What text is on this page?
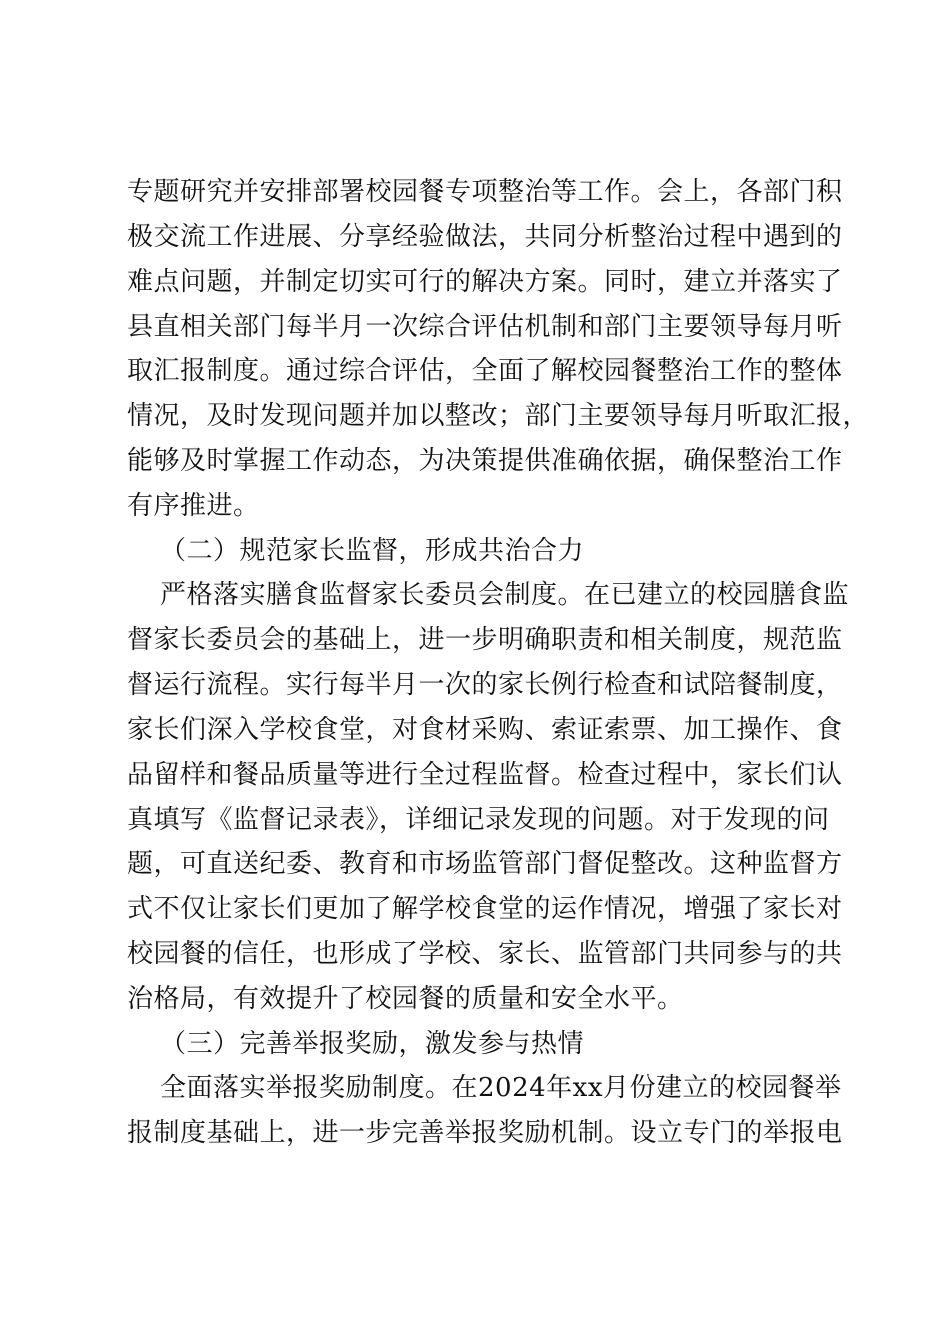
专题研究并安排部署校园餐专项整治等工作。会上，各部门积
极交流工作进展、分享经验做法，共同分析整治过程中遇到的
难点问题，并制定切实可行的解决方案。同时，建立并落实了
县直相关部门每半月一次综合评估机制和部门主要领导每月听
取汇报制度。通过综合评估，全面了解校园餐整治工作的整体
情况，及时发现问题并加以整改；部门主要领导每月听取汇报，
能够及时掌握工作动态，为决策提供准确依据，确保整治工作
有序推进。
（二）规范家长监督，形成共治合力
严格落实膳食监督家长委员会制度。在已建立的校园膳食监
督家长委员会的基础上，进一步明确职责和相关制度，规范监
督运行流程。实行每半月一次的家长例行检查和试陪餐制度，
家长们深入学校食堂，对食材采购、索证索票、加工操作、食
品留样和餐品质量等进行全过程监督。检查过程中，家长们认
真填写《监督记录表》，详细记录发现的问题。对于发现的问
题，可直送纪委、教育和市场监管部门督促整改。这种监督方
式不仅让家长们更加了解学校食堂的运作情况，增强了家长对
校园餐的信任，也形成了学校、家长、监管部门共同参与的共
治格局，有效提升了校园餐的质量和安全水平。
（三）完善举报奖励，激发参与热情
全面落实举报奖励制度。在2024年xx月份建立的校园餐举
报制度基础上，进一步完善举报奖励机制。设立专门的举报电
